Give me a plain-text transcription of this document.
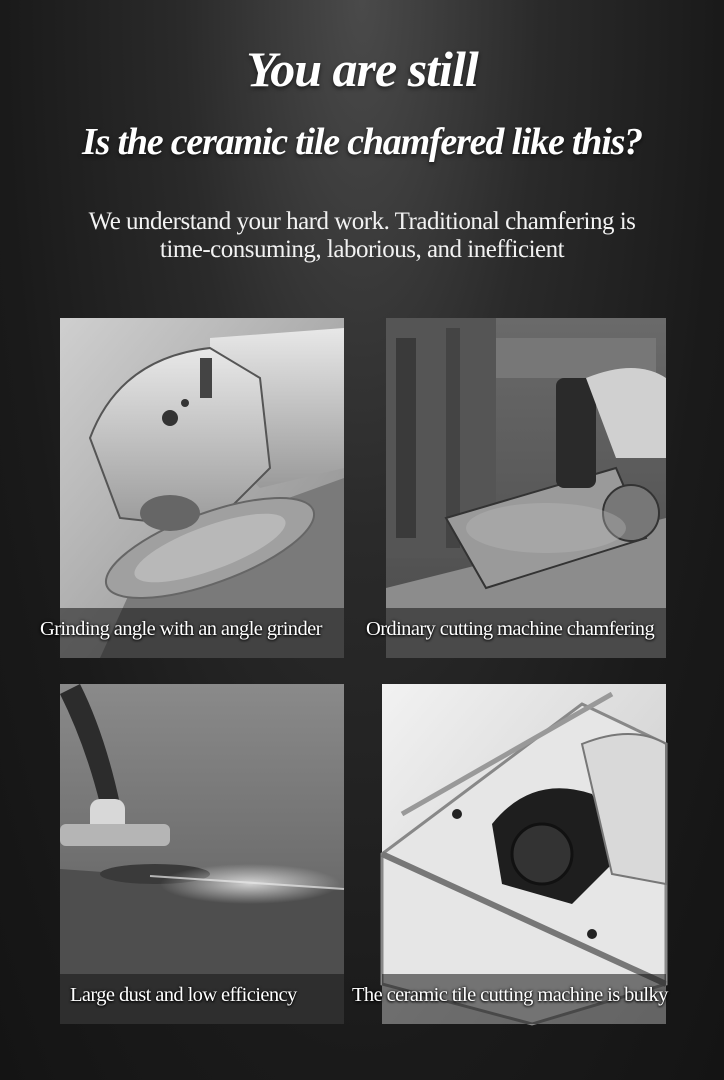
You are still
Is the ceramic tile chamfered like this?
We understand your hard work. Traditional chamfering is
time-consuming, laborious, and inefficient
Grinding angle with an angle grinder Ordinary cutting machine chamfering
Large dust and low efficiency	The ceramic tile cutting machine is bulky
